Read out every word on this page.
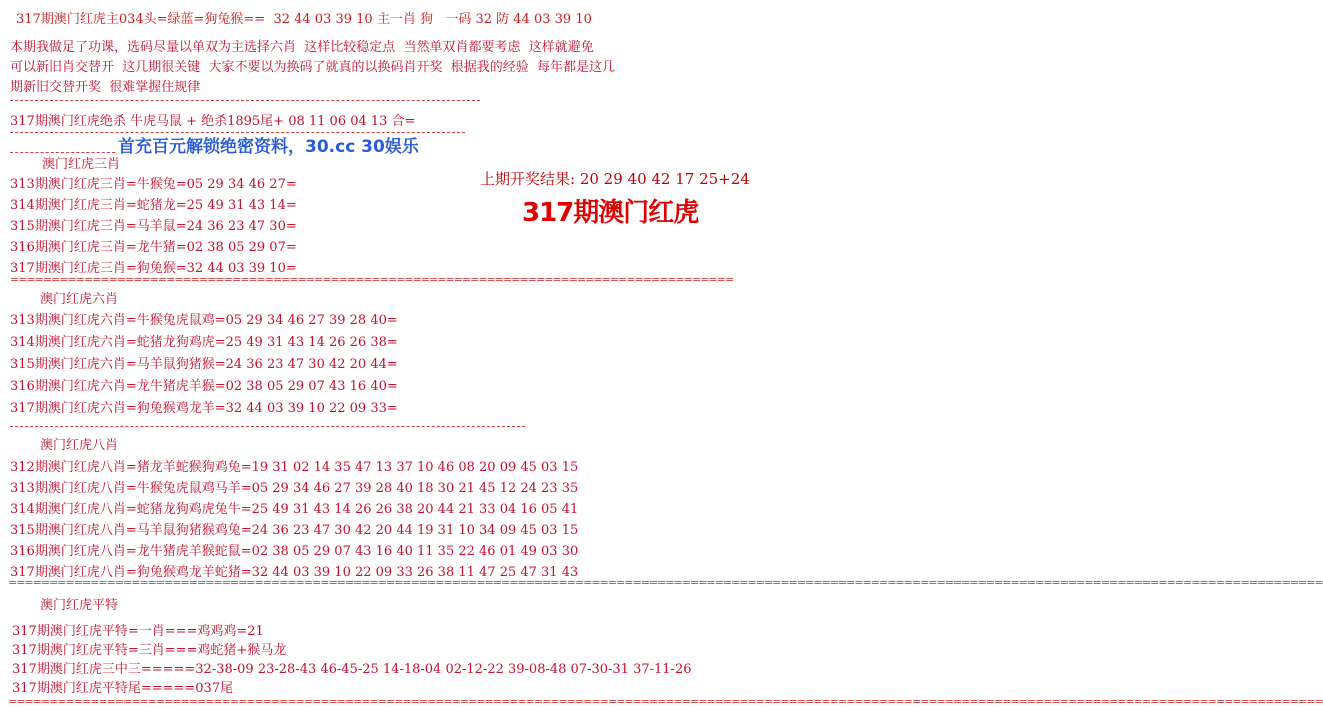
317期澳门红虎主034头=绿蓝=狗兔猴==  32 44 03 39 10 主一肖 狗   一码 32 防 44 03 39 10
本期我做足了功课，选码尽量以单双为主选择六肖  这样比较稳定点  当然单双肖都要考虑  这样就避免
可以新旧肖交替开  这几期很关键  大家不要以为换码了就真的以换码肖开奖  根据我的经验  每年都是这几
期新旧交替开奖  很难掌握住规律
317期澳门红虎绝杀 牛虎马鼠 + 绝杀1895尾+ 08 11 06 04 13 合=
首充百元解锁绝密资料，30.cc 30娱乐
澳门红虎三肖
313期澳门红虎三肖=牛猴兔=05 29 34 46 27=
314期澳门红虎三肖=蛇猪龙=25 49 31 43 14=
315期澳门红虎三肖=马羊鼠=24 36 23 47 30=
316期澳门红虎三肖=龙牛猪=02 38 05 29 07=
317期澳门红虎三肖=狗兔猴=32 44 03 39 10=
========================================================================================
上期开奖结果: 20 29 40 42 17 25+24
317期澳门红虎
澳门红虎六肖
313期澳门红虎六肖=牛猴兔虎鼠鸡=05 29 34 46 27 39 28 40=
314期澳门红虎六肖=蛇猪龙狗鸡虎=25 49 31 43 14 26 26 38=
315期澳门红虎六肖=马羊鼠狗猪猴=24 36 23 47 30 42 20 44=
316期澳门红虎六肖=龙牛猪虎羊猴=02 38 05 29 07 43 16 40=
317期澳门红虎六肖=狗兔猴鸡龙羊=32 44 03 39 10 22 09 33=
澳门红虎八肖
312期澳门红虎八肖=猪龙羊蛇猴狗鸡兔=19 31 02 14 35 47 13 37 10 46 08 20 09 45 03 15
313期澳门红虎八肖=牛猴兔虎鼠鸡马羊=05 29 34 46 27 39 28 40 18 30 21 45 12 24 23 35
314期澳门红虎八肖=蛇猪龙狗鸡虎兔牛=25 49 31 43 14 26 26 38 20 44 21 33 04 16 05 41
315期澳门红虎八肖=马羊鼠狗猪猴鸡兔=24 36 23 47 30 42 20 44 19 31 10 34 09 45 03 15
316期澳门红虎八肖=龙牛猪虎羊猴蛇鼠=02 38 05 29 07 43 16 40 11 35 22 46 01 49 03 30
317期澳门红虎八肖=狗兔猴鸡龙羊蛇猪=32 44 03 39 10 22 09 33 26 38 11 47 25 47 31 43
================================================================================================================================================================
澳门红虎平特
317期澳门红虎平特=一肖===鸡鸡鸡=21
317期澳门红虎平特=三肖===鸡蛇猪+猴马龙
317期澳门红虎三中三=====32-38-09 23-28-43 46-45-25 14-18-04 02-12-22 39-08-48 07-30-31 37-11-26
317期澳门红虎平特尾=====037尾
================================================================================================================================================================
